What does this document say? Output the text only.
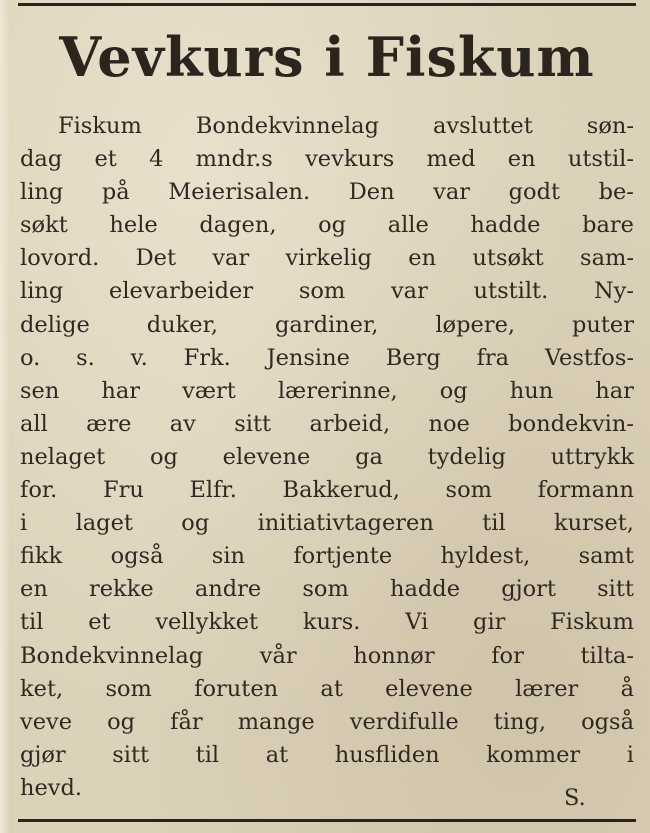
Vevkurs i Fiskum
Fiskum Bondekvinnelag avsluttet søn-
dag et 4 mndr.s vevkurs med en utstil-
ling på Meierisalen. Den var godt be-
søkt hele dagen, og alle hadde bare
lovord. Det var virkelig en utsøkt sam-
ling elevarbeider som var utstilt. Ny-
delige	duker,	gardiner,	løpere,	puter
o. s. v. Frk. Jensine Berg fra Vestfos-
sen har vært lærerinne, og hun har
all ære av sitt arbeid, noe bondekvin-
nelaget og elevene ga tydelig uttrykk
for. Fru Elfr. Bakkerud, som formann
i laget og initiativtageren til kurset,
fikk også sin fortjente hyldest, samt
en rekke andre som hadde gjort sitt
til et vellykket kurs. Vi gir Fiskum
Bondekvinnelag	vår	honnør	for	tilta-
ket, som foruten at elevene lærer å
veve og får mange verdifulle ting, også
gjør sitt til at husfliden kommer i
hevd.	S.
